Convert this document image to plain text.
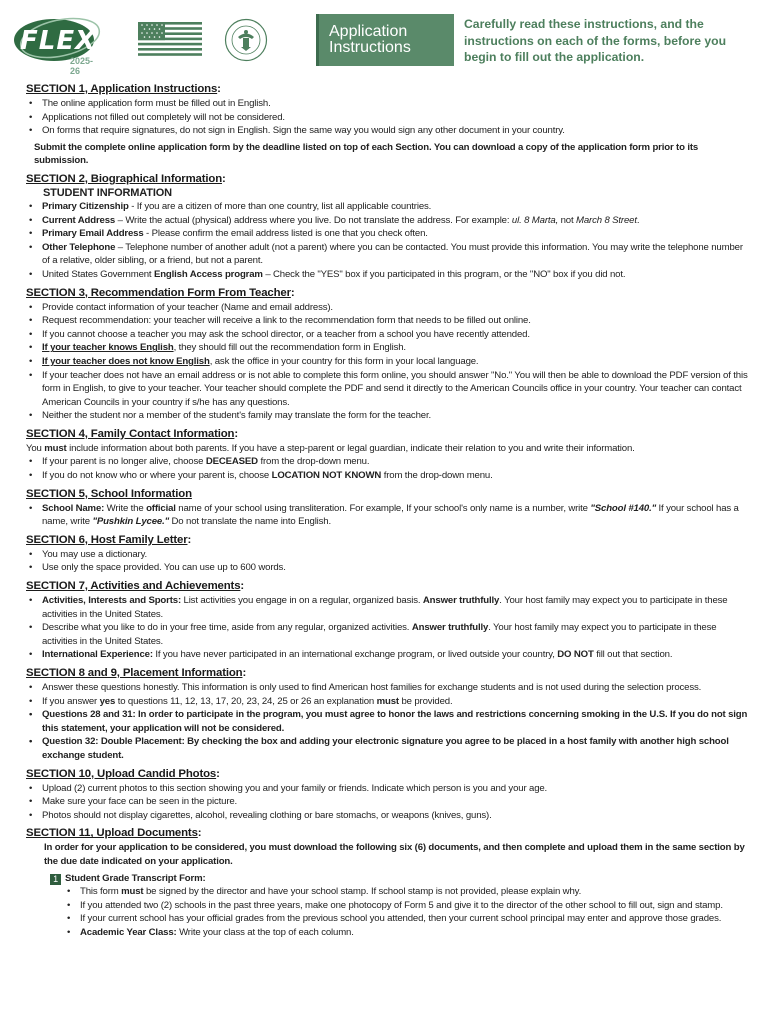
FLEX
2025-26
Application
Instructions
Carefully read these instructions, and the instructions on each of the forms, before you begin to fill out the application.
SECTION 1, Application Instructions:
• The online application form must be filled out in English.
• Applications not filled out completely will not be considered.
• On forms that require signatures, do not sign in English. Sign the same way you would sign any other document in your country.
Submit the complete online application form by the deadline listed on top of each Section. You can download a copy of the application form prior to its submission.
SECTION 2, Biographical Information:
STUDENT INFORMATION
• Primary Citizenship - If you are a citizen of more than one country, list all applicable countries.
• Current Address – Write the actual (physical) address where you live. Do not translate the address. For example: ul. 8 Marta, not March 8 Street.
• Primary Email Address - Please confirm the email address listed is one that you check often.
• Other Telephone – Telephone number of another adult (not a parent) where you can be contacted. You must provide this information. You may write the telephone number of a relative, older sibling, or a friend, but not a parent.
• United States Government English Access program – Check the "YES" box if you participated in this program, or the "NO" box if you did not.
SECTION 3, Recommendation Form From Teacher:
• Provide contact information of your teacher (Name and email address).
• Request recommendation: your teacher will receive a link to the recommendation form that needs to be filled out online.
• If you cannot choose a teacher you may ask the school director, or a teacher from a school you have recently attended.
• If your teacher knows English, they should fill out the recommendation form in English.
• If your teacher does not know English, ask the office in your country for this form in your local language.
• If your teacher does not have an email address or is not able to complete this form online, you should answer "No." You will then be able to download the PDF version of this form in English, to give to your teacher. Your teacher should complete the PDF and send it directly to the American Councils office in your country. Your teacher can contact American Councils in your country if s/he has any questions.
• Neither the student nor a member of the student's family may translate the form for the teacher.
SECTION 4, Family Contact Information:
You must include information about both parents. If you have a step-parent or legal guardian, indicate their relation to you and write their information.
• If your parent is no longer alive, choose DECEASED from the drop-down menu.
• If you do not know who or where your parent is, choose LOCATION NOT KNOWN from the drop-down menu.
SECTION 5, School Information
• School Name: Write the official name of your school using transliteration. For example, If your school's only name is a number, write "School #140." If your school has a name, write "Pushkin Lycee." Do not translate the name into English.
SECTION 6, Host Family Letter:
• You may use a dictionary.
• Use only the space provided. You can use up to 600 words.
SECTION 7, Activities and Achievements:
• Activities, Interests and Sports: List activities you engage in on a regular, organized basis. Answer truthfully. Your host family may expect you to participate in these activities in the United States.
• Describe what you like to do in your free time, aside from any regular, organized activities. Answer truthfully. Your host family may expect you to participate in these activities in the United States.
• International Experience: If you have never participated in an international exchange program, or lived outside your country, DO NOT fill out that section.
SECTION 8 and 9, Placement Information:
• Answer these questions honestly. This information is only used to find American host families for exchange students and is not used during the selection process.
• If you answer yes to questions 11, 12, 13, 17, 20, 23, 24, 25 or 26 an explanation must be provided.
• Questions 28 and 31: In order to participate in the program, you must agree to honor the laws and restrictions concerning smoking in the U.S. If you do not sign this statement, your application will not be considered.
• Question 32: Double Placement: By checking the box and adding your electronic signature you agree to be placed in a host family with another high school exchange student.
SECTION 10, Upload Candid Photos:
• Upload (2) current photos to this section showing you and your family or friends. Indicate which person is you and your age.
• Make sure your face can be seen in the picture.
• Photos should not display cigarettes, alcohol, revealing clothing or bare stomachs, or weapons (knives, guns).
SECTION 11, Upload Documents:
In order for your application to be considered, you must download the following six (6) documents, and then complete and upload them in the same section by the due date indicated on your application.
1 Student Grade Transcript Form:
• This form must be signed by the director and have your school stamp. If school stamp is not provided, please explain why.
• If you attended two (2) schools in the past three years, make one photocopy of Form 5 and give it to the director of the other school to fill out, sign and stamp.
• If your current school has your official grades from the previous school you attended, then your current school principal may enter and approve those grades.
• Academic Year Class: Write your class at the top of each column.
